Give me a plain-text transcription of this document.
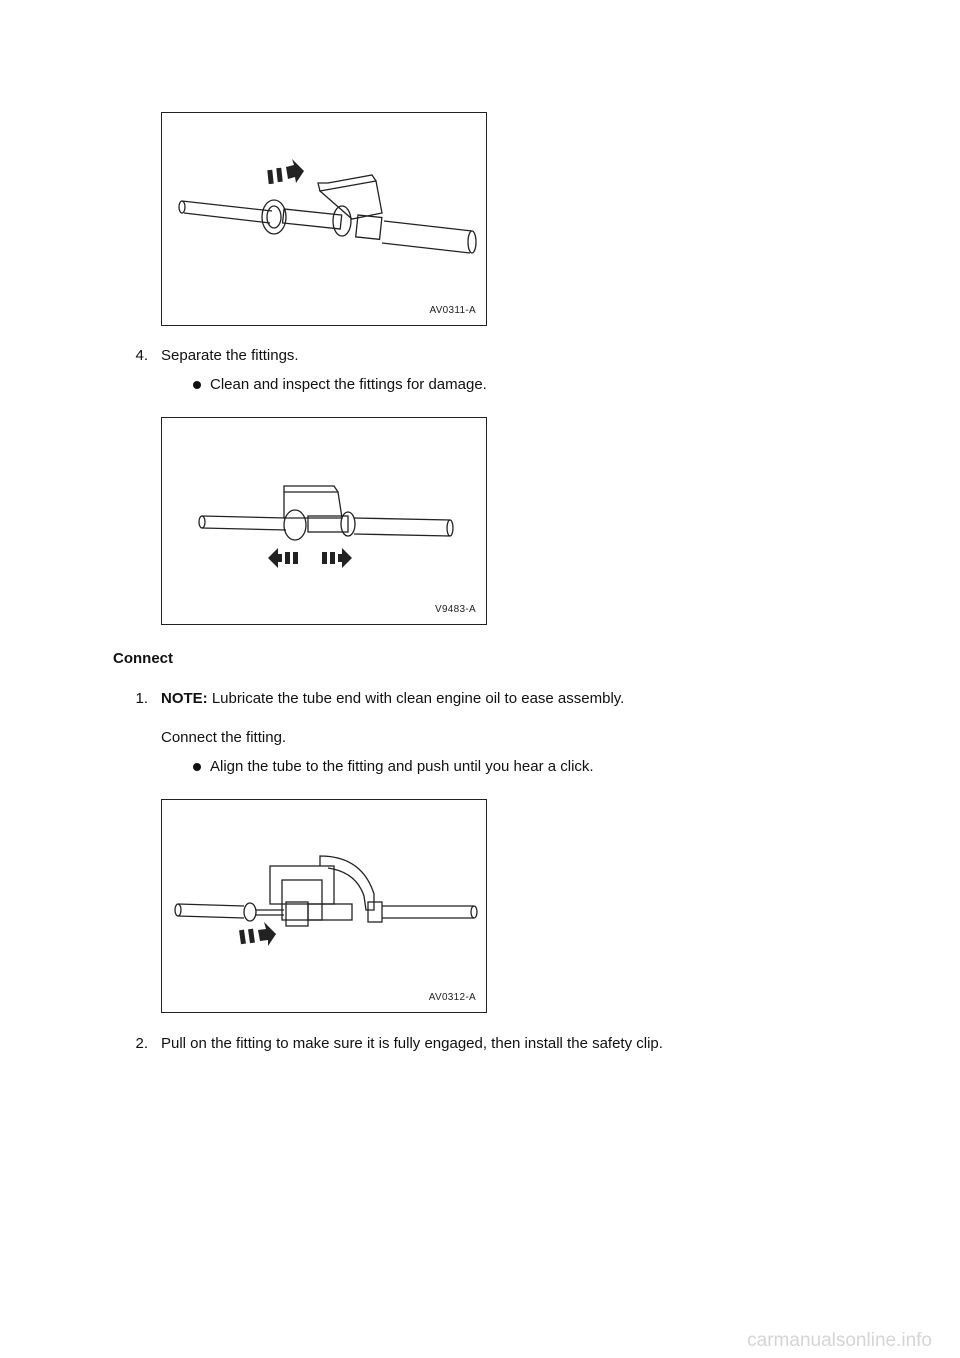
AV0311-A
4. Separate the fittings.
Clean and inspect the fittings for damage.
V9483-A
Connect
1. NOTE: Lubricate the tube end with clean engine oil to ease assembly.
Connect the fitting.
Align the tube to the fitting and push until you hear a click.
AV0312-A
2. Pull on the fitting to make sure it is fully engaged, then install the safety clip.
carmanualsonline.info
